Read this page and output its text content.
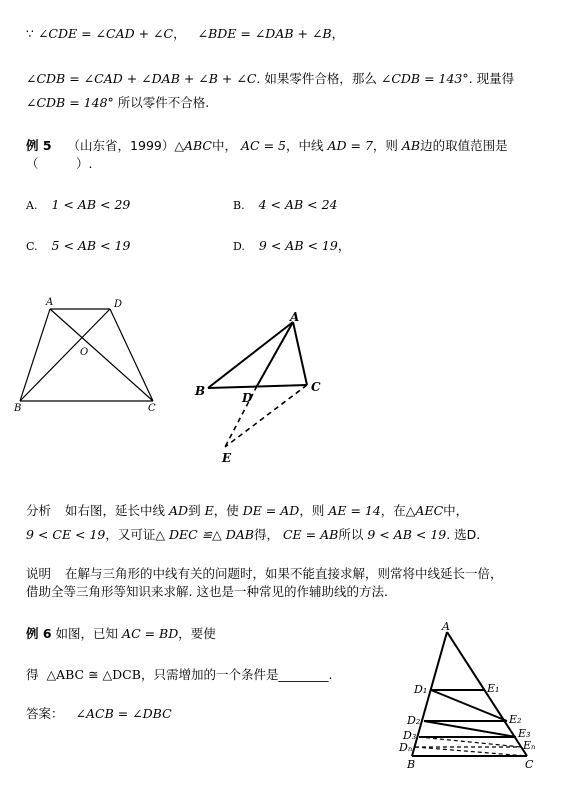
∵ ∠CDE = ∠CAD + ∠C， ∠BDE = ∠DAB + ∠B，
∠CDB = ∠CAD + ∠DAB + ∠B + ∠C. 如果零件合格，那么 ∠CDB = 143°. 现量得
∠CDB = 148° 所以零件不合格.
例 5 （山东省，1999）△ABC中， AC = 5，中线 AD = 7，则 AB边的取值范围是
（　　　）.
A. 1 < AB < 29	B. 4 < AB < 24
C. 5 < AB < 19	D. 9 < AB < 19，
A	D
O
B	C
A
B	D
C
E
分析 如右图，延长中线 AD到 E，使 DE = AD，则 AE = 14，在△AEC中，
9 < CE < 19，又可证△ DEC ≌△ DAB得， CE = AB所以 9 < AB < 19. 选D.
说明 在解与三角形的中线有关的问题时，如果不能直接求解，则常将中线延长一倍，
借助全等三角形等知识来求解. 这也是一种常见的作辅助线的方法.
例 6 如图，已知 AC = BD，要使
得 △ABC ≅ △DCB，只需增加的一个条件是________.
答案： ∠ACB = ∠DBC
A
D₁	E₁
D₂	E₂
D₃	E₃
Dₙ	Eₙ
B	C
